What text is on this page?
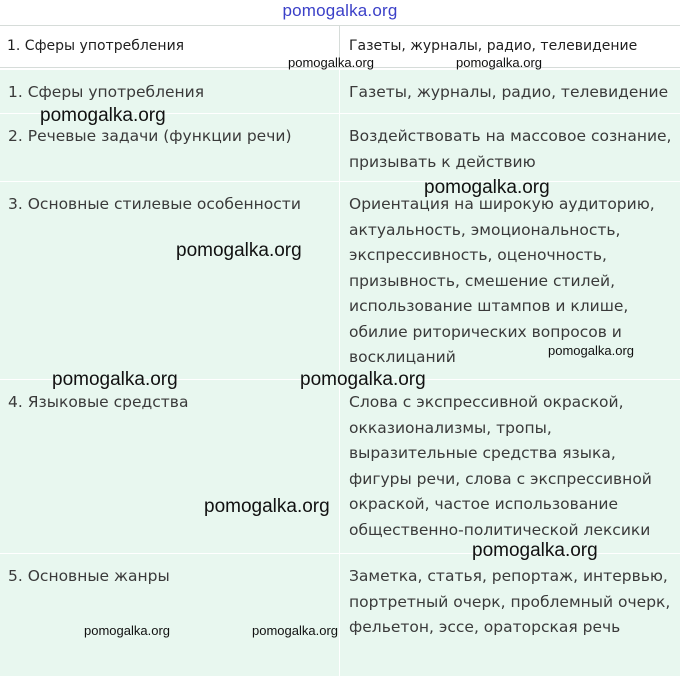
pomogalka.org
1. Сферы употребления	Газеты, журналы, радио, телевидение
1. Сферы употребления	Газеты, журналы, радио, телевидение
2. Речевые задачи (функции речи)	Воздействовать на массовое сознание, призывать к действию
3. Основные стилевые особенности	Ориентация на широкую аудиторию, актуальность, эмоциональность, экспрессивность, оценочность, призывность, смешение стилей, использование штампов и клише, обилие риторических вопросов и восклицаний
4. Языковые средства	Слова с экспрессивной окраской, окказионализмы, тропы, выразительные средства языка, фигуры речи, слова с экспрессивной окраской, частое использование общественно-политической лексики
5. Основные жанры	Заметка, статья, репортаж, интервью, портретный очерк, проблемный очерк, фельетон, эссе, ораторская речь
pomogalka.org	pomogalka.org
pomogalka.org
pomogalka.org
pomogalka.org
pomogalka.org
pomogalka.org	pomogalka.org
pomogalka.org
pomogalka.org
pomogalka.org	pomogalka.org
